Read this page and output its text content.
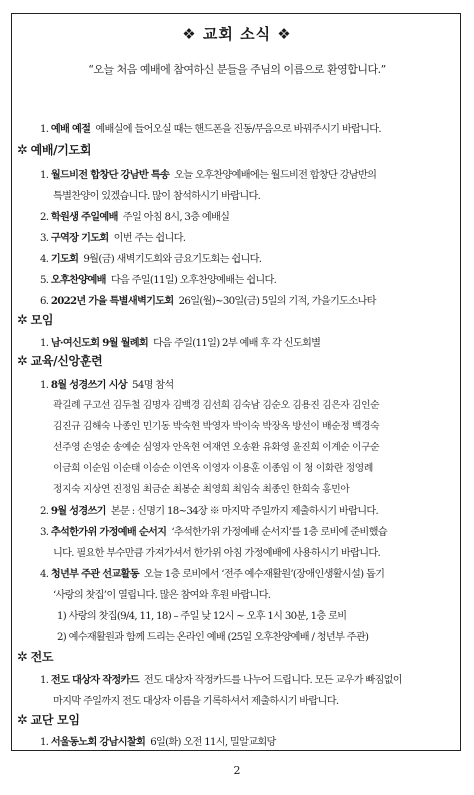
❖ 교회 소식 ❖
“오늘 처음 예배에 참여하신 분들을 주님의 이름으로 환영합니다.”
1. 예배 예절 예배실에 들어오실 때는 핸드폰을 진동/무음으로 바꿔주시기 바랍니다.
✲ 예배/기도회
1. 월드비전 합창단 강남반 특송 오늘 오후찬양예배에는 월드비전 합창단 강남반의
특별찬양이 있겠습니다. 많이 참석하시기 바랍니다.
2. 학원생 주일예배 주일 아침 8시, 3층 예배실
3. 구역장 기도회 이번 주는 쉽니다.
4. 기도회 9월(금) 새벽기도회와 금요기도회는 쉽니다.
5. 오후찬양예배 다음 주일(11일) 오후찬양예배는 쉽니다.
6. 2022년 가을 특별새벽기도회 26일(월)~30일(금) 5일의 기적, 가을기도소나타
✲ 모임
1. 남·여신도회 9월 월례회 다음 주일(11일) 2부 예배 후 각 신도회별
✲ 교육/신앙훈련
1. 8월 성경쓰기 시상 54명 참석
곽길례 구고선 김두철 김명자 김백경 김선희 김숙남 김순오 김용진 김은자 김인순
김진규 김해숙 나종인 민기동 박숙현 박영자 박이숙 박장옥 방선이 배순정 백경숙
선주영 손영순 송예순 심영자 안옥현 여재연 오송환 유화영 윤진희 이계순 이구순
이금희 이순임 이순태 이승순 이연옥 이영자 이용훈 이종임 이 청 이화란 정영례
정지숙 지상연 진정임 최금순 최봉순 최영희 최임숙 최종인 한희숙 홍민아
2. 9월 성경쓰기 본문 : 신명기 18~34장 ※ 마지막 주일까지 제출하시기 바랍니다.
3. 추석한가위 가정예배 순서지 ‘추석한가위 가정예배 순서지’를 1층 로비에 준비했습
니다. 필요한 부수만큼 가져가셔서 한가위 아침 가정예배에 사용하시기 바랍니다.
4. 청년부 주관 선교활동 오늘 1층 로비에서 ‘전주 예수재활원’(장애인생활시설) 돕기
‘사랑의 찻집’이 열립니다. 많은 참여와 후원 바랍니다.
1) 사랑의 찻집(9/4, 11, 18) – 주일 낮 12시 ~ 오후 1시 30분, 1층 로비
2) 예수재활원과 함께 드리는 온라인 예배 (25일 오후찬양예배 / 청년부 주관)
✲ 전도
1. 전도 대상자 작정카드 전도 대상자 작정카드를 나누어 드립니다. 모든 교우가 빠짐없이
마지막 주일까지 전도 대상자 이름을 기록하셔서 제출하시기 바랍니다.
✲ 교단 모임
1. 서울동노회 강남시찰회 6일(화) 오전 11시, 밀알교회당
2
